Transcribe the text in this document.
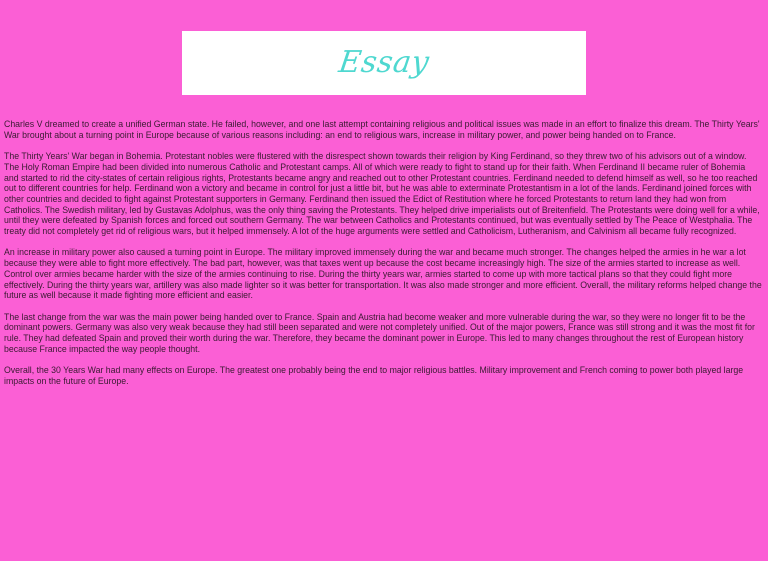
Essay

Charles V dreamed to create a unified German state. He failed, however, and one last attempt containing religious and political issues was made in an effort to finalize this dream. The Thirty Years' War brought about a turning point in Europe because of various reasons including: an end to religious wars, increase in military power, and power being handed on to France.

The Thirty Years' War began in Bohemia. Protestant nobles were flustered with the disrespect shown towards their religion by King Ferdinand, so they threw two of his advisors out of a window. The Holy Roman Empire had been divided into numerous Catholic and Protestant camps. All of which were ready to fight to stand up for their faith. When Ferdinand II became ruler of Bohemia and started to rid the city-states of certain religious rights, Protestants became angry and reached out to other Protestant countries. Ferdinand needed to defend himself as well, so he too reached out to different countries for help. Ferdinand won a victory and became in control for just a little bit, but he was able to exterminate Protestantism in a lot of the lands. Ferdinand joined forces with other countries and decided to fight against Protestant supporters in Germany. Ferdinand then issued the Edict of Restitution where he forced Protestants to return land they had won from Catholics. The Swedish military, led by Gustavas Adolphus, was the only thing saving the Protestants. They helped drive imperialists out of Breitenfield. The Protestants were doing well for a while, until they were defeated by Spanish forces and forced out southern Germany. The war between Catholics and Protestants continued, but was eventually settled by The Peace of Westphalia. The treaty did not completely get rid of religious wars, but it helped immensely. A lot of the huge arguments were settled and Catholicism, Lutheranism, and Calvinism all became fully recognized.

An increase in military power also caused a turning point in Europe. The military improved immensely during the war and became much stronger. The changes helped the armies in he war a lot because they were able to fight more effectively. The bad part, however, was that taxes went up because the cost became increasingly high. The size of the armies started to increase as well. Control over armies became harder with the size of the armies continuing to rise. During the thirty years war, armies started to come up with more tactical plans so that they could fight more effectively. During the thirty years war, artillery was also made lighter so it was better for transportation. It was also made stronger and more efficient. Overall, the military reforms helped change the future as well because it made fighting more efficient and easier.

The last change from the war was the main power being handed over to France. Spain and Austria had become weaker and more vulnerable during the war, so they were no longer fit to be the dominant powers. Germany was also very weak because they had still been separated and were not completely unified. Out of the major powers, France was still strong and it was the most fit for rule. They had defeated Spain and proved their worth during the war. Therefore, they became the dominant power in Europe. This led to many changes throughout the rest of European history because France impacted the way people thought.

Overall, the 30 Years War had many effects on Europe. The greatest one probably being the end to major religious battles. Military improvement and French coming to power both played large impacts on the future of Europe.
